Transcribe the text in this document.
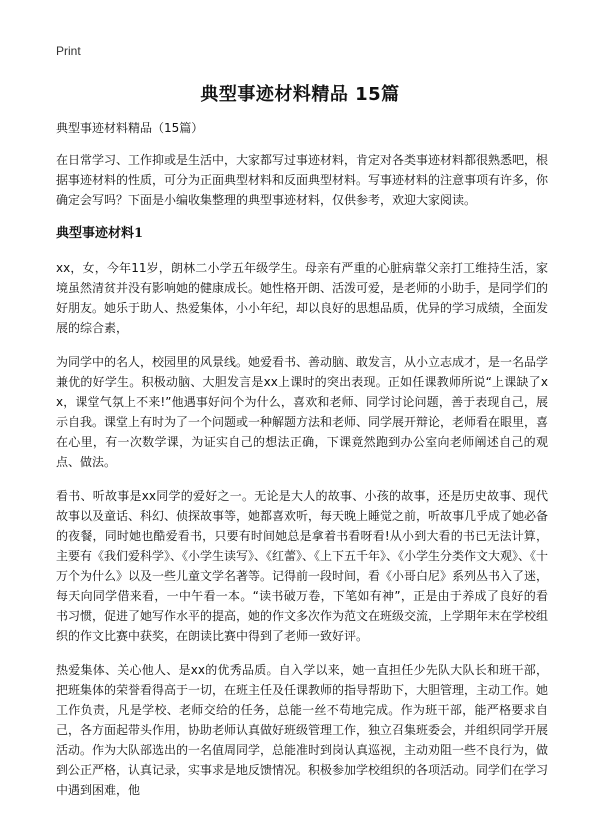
Print
典型事迹材料精品 15篇

典型事迹材料精品（15篇）

在日常学习、工作抑或是生活中，大家都写过事迹材料，肯定对各类事迹材料都很熟悉吧，根据事迹材料的性质，可分为正面典型材料和反面典型材料。写事迹材料的注意事项有许多，你确定会写吗？下面是小编收集整理的典型事迹材料，仅供参考，欢迎大家阅读。

典型事迹材料1

xx，女，今年11岁，朗林二小学五年级学生。母亲有严重的心脏病靠父亲打工维持生活，家境虽然清贫并没有影响她的健康成长。她性格开朗、活泼可爱，是老师的小助手，是同学们的好朋友。她乐于助人、热爱集体，小小年纪，却以良好的思想品质，优异的学习成绩，全面发展的综合素，

为同学中的名人，校园里的风景线。她爱看书、善动脑、敢发言，从小立志成才，是一名品学兼优的好学生。积极动脑、大胆发言是xx上课时的突出表现。正如任课教师所说“上课缺了xx，课堂气氛上不来!”他遇事好问个为什么，喜欢和老师、同学讨论问题，善于表现自己，展示自我。课堂上有时为了一个问题或一种解题方法和老师、同学展开辩论，老师看在眼里，喜在心里，有一次数学课，为证实自己的想法正确，下课竟然跑到办公室向老师阐述自己的观点、做法。

看书、听故事是xx同学的爱好之一。无论是大人的故事、小孩的故事，还是历史故事、现代故事以及童话、科幻、侦探故事等，她都喜欢听，每天晚上睡觉之前，听故事几乎成了她必备的夜餐，同时她也酷爱看书，只要有时间她总是拿着书看呀看!从小到大看的书已无法计算，主要有《我们爱科学》、《小学生读写》、《红蕾》、《上下五千年》、《小学生分类作文大观》、《十万个为什么》以及一些儿童文学名著等。记得前一段时间，看《小哥白尼》系列丛书入了迷，每天向同学借来看，一中午看一本。“读书破万卷，下笔如有神”，正是由于养成了良好的看书习惯，促进了她写作水平的提高，她的作文多次作为范文在班级交流，上学期年末在学校组织的作文比赛中获奖，在朗读比赛中得到了老师一致好评。

热爱集体、关心他人、是xx的优秀品质。自入学以来，她一直担任少先队大队长和班干部，把班集体的荣誉看得高于一切，在班主任及任课教师的指导帮助下，大胆管理，主动工作。她工作负责，凡是学校、老师交给的任务，总能一丝不苟地完成。作为班干部，能严格要求自己，各方面起带头作用，协助老师认真做好班级管理工作，独立召集班委会，并组织同学开展活动。作为大队部选出的一名值周同学，总能准时到岗认真巡视，主动劝阻一些不良行为，做到公正严格，认真记录，实事求是地反馈情况。积极参加学校组织的各项活动。同学们在学习中遇到困难，他
